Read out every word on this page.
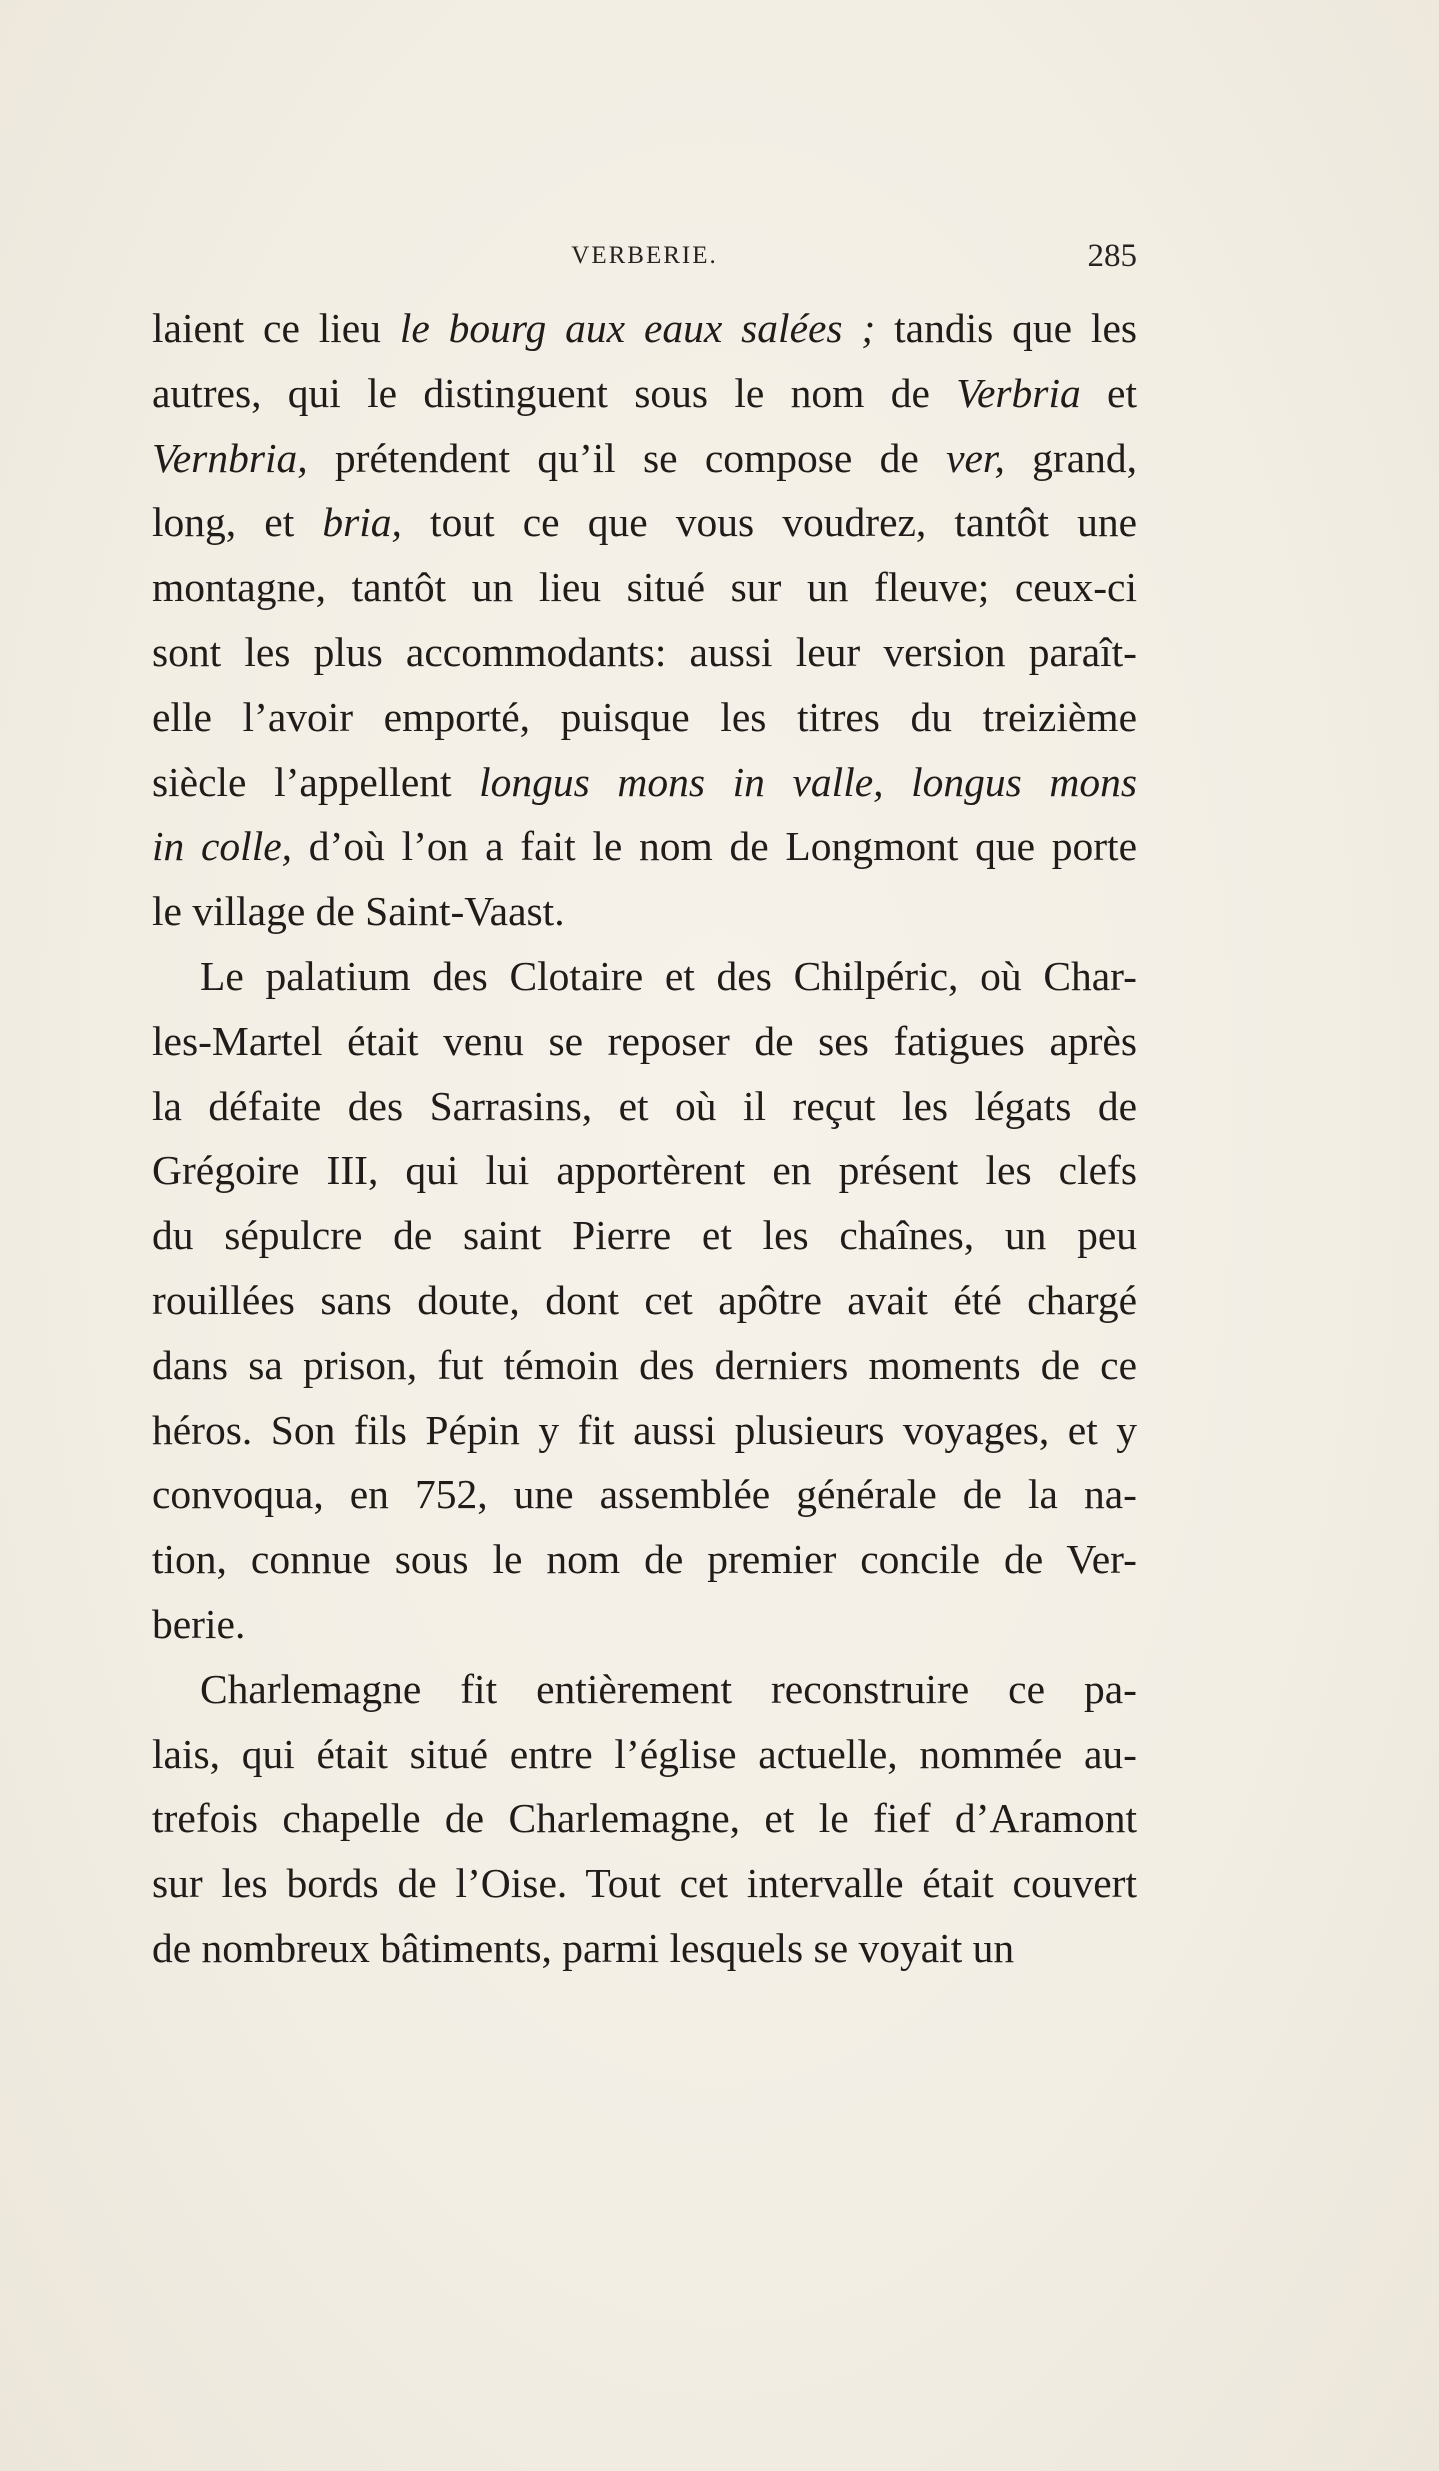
VERBERIE.	285
laient ce lieu le bourg aux eaux salées ; tandis que les
autres, qui le distinguent sous le nom de Verbria et
Vernbria, prétendent qu’il se compose de ver, grand,
long, et bria, tout ce que vous voudrez, tantôt une
montagne, tantôt un lieu situé sur un fleuve; ceux-ci
sont les plus accommodants: aussi leur version paraît-
elle l’avoir emporté, puisque les titres du treizième
siècle l’appellent longus mons in valle, longus mons
in colle, d’où l’on a fait le nom de Longmont que porte
le village de Saint-Vaast.
Le palatium des Clotaire et des Chilpéric, où Char-
les-Martel était venu se reposer de ses fatigues après
la défaite des Sarrasins, et où il reçut les légats de
Grégoire III, qui lui apportèrent en présent les clefs
du sépulcre de saint Pierre et les chaînes, un peu
rouillées sans doute, dont cet apôtre avait été chargé
dans sa prison, fut témoin des derniers moments de ce
héros. Son fils Pépin y fit aussi plusieurs voyages, et y
convoqua, en 752, une assemblée générale de la na-
tion, connue sous le nom de premier concile de Ver-
berie.
Charlemagne fit entièrement reconstruire ce pa-
lais, qui était situé entre l’église actuelle, nommée au-
trefois chapelle de Charlemagne, et le fief d’Aramont
sur les bords de l’Oise. Tout cet intervalle était couvert
de nombreux bâtiments, parmi lesquels se voyait un
